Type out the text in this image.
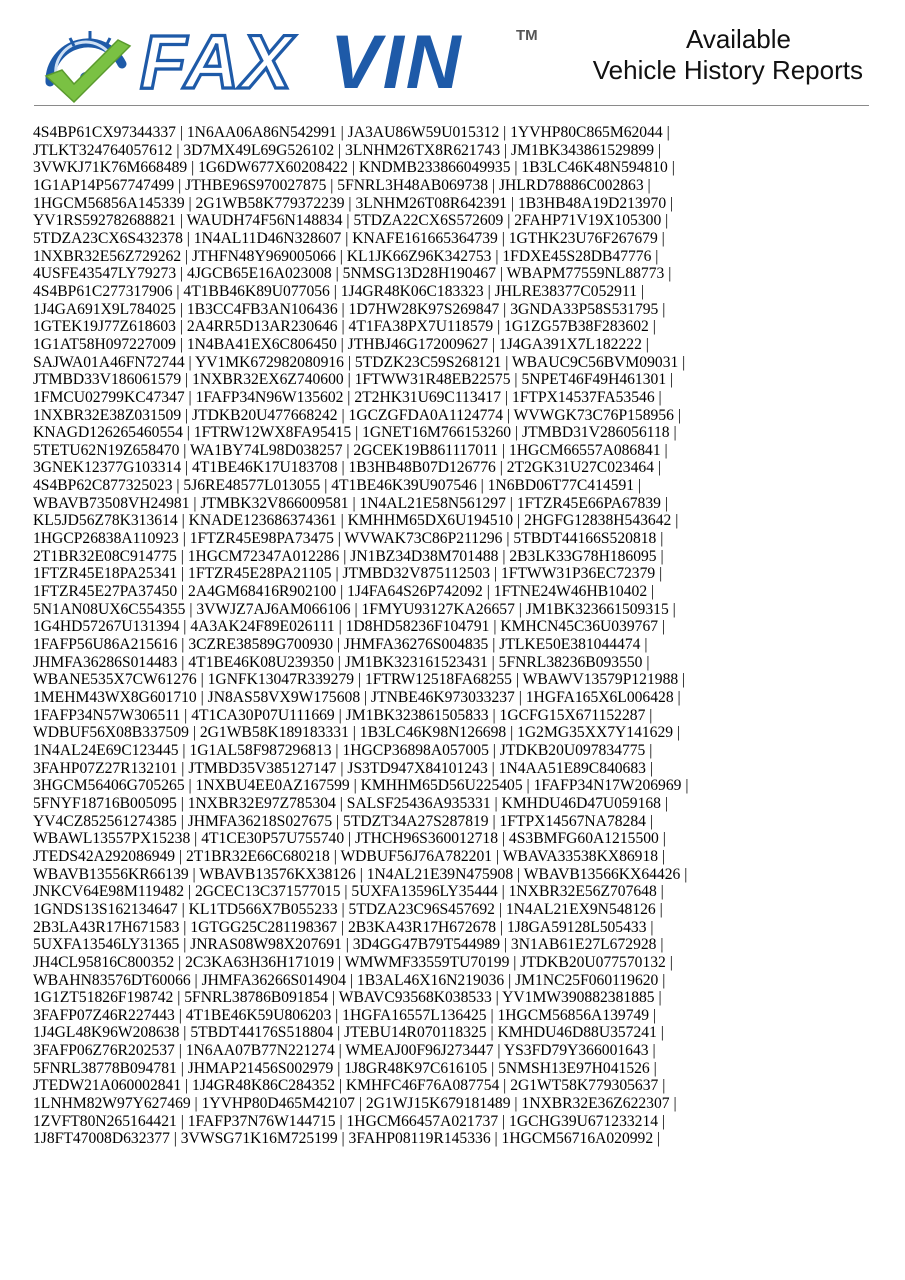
FAX VIN	TM	Available
Vehicle History Reports
4S4BP61CX97344337 | 1N6AA06A86N542991 | JA3AU86W59U015312 | 1YVHP80C865M62044 |
JTLKT324764057612 | 3D7MX49L69G526102 | 3LNHM26TX8R621743 | JM1BK343861529899 |
3VWKJ71K76M668489 | 1G6DW677X60208422 | KNDMB233866049935 | 1B3LC46K48N594810 |
1G1AP14P567747499 | JTHBE96S970027875 | 5FNRL3H48AB069738 | JHLRD78886C002863 |
1HGCM56856A145339 | 2G1WB58K779372239 | 3LNHM26T08R642391 | 1B3HB48A19D213970 |
YV1RS592782688821 | WAUDH74F56N148834 | 5TDZA22CX6S572609 | 2FAHP71V19X105300 |
5TDZA23CX6S432378 | 1N4AL11D46N328607 | KNAFE161665364739 | 1GTHK23U76F267679 |
1NXBR32E56Z729262 | JTHFN48Y969005066 | KL1JK66Z96K342753 | 1FDXE45S28DB47776 |
4USFE43547LY79273 | 4JGCB65E16A023008 | 5NMSG13D28H190467 | WBAPM77559NL88773 |
4S4BP61C277317906 | 4T1BB46K89U077056 | 1J4GR48K06C183323 | JHLRE38377C052911 |
1J4GA691X9L784025 | 1B3CC4FB3AN106436 | 1D7HW28K97S269847 | 3GNDA33P58S531795 |
1GTEK19J77Z618603 | 2A4RR5D13AR230646 | 4T1FA38PX7U118579 | 1G1ZG57B38F283602 |
1G1AT58H097227009 | 1N4BA41EX6C806450 | JTHBJ46G172009627 | 1J4GA391X7L182222 |
SAJWA01A46FN72744 | YV1MK672982080916 | 5TDZK23C59S268121 | WBAUC9C56BVM09031 |
JTMBD33V186061579 | 1NXBR32EX6Z740600 | 1FTWW31R48EB22575 | 5NPET46F49H461301 |
1FMCU02799KC47347 | 1FAFP34N96W135602 | 2T2HK31U69C113417 | 1FTPX14537FA53546 |
1NXBR32E38Z031509 | JTDKB20U477668242 | 1GCZGFDA0A1124774 | WVWGK73C76P158956 |
KNAGD126265460554 | 1FTRW12WX8FA95415 | 1GNET16M766153260 | JTMBD31V286056118 |
5TETU62N19Z658470 | WA1BY74L98D038257 | 2GCEK19B861117011 | 1HGCM66557A086841 |
3GNEK12377G103314 | 4T1BE46K17U183708 | 1B3HB48B07D126776 | 2T2GK31U27C023464 |
4S4BP62C877325023 | 5J6RE48577L013055 | 4T1BE46K39U907546 | 1N6BD06T77C414591 |
WBAVB73508VH24981 | JTMBK32V866009581 | 1N4AL21E58N561297 | 1FTZR45E66PA67839 |
KL5JD56Z78K313614 | KNADE123686374361 | KMHHM65DX6U194510 | 2HGFG12838H543642 |
1HGCP26838A110923 | 1FTZR45E98PA73475 | WVWAK73C86P211296 | 5TBDT44166S520818 |
2T1BR32E08C914775 | 1HGCM72347A012286 | JN1BZ34D38M701488 | 2B3LK33G78H186095 |
1FTZR45E18PA25341 | 1FTZR45E28PA21105 | JTMBD32V875112503 | 1FTWW31P36EC72379 |
1FTZR45E27PA37450 | 2A4GM68416R902100 | 1J4FA64S26P742092 | 1FTNE24W46HB10402 |
5N1AN08UX6C554355 | 3VWJZ7AJ6AM066106 | 1FMYU93127KA26657 | JM1BK323661509315 |
1G4HD57267U131394 | 4A3AK24F89E026111 | 1D8HD58236F104791 | KMHCN45C36U039767 |
1FAFP56U86A215616 | 3CZRE38589G700930 | JHMFA36276S004835 | JTLKE50E381044474 |
JHMFA36286S014483 | 4T1BE46K08U239350 | JM1BK323161523431 | 5FNRL38236B093550 |
WBANE535X7CW61276 | 1GNFK13047R339279 | 1FTRW12518FA68255 | WBAWV13579P121988 |
1MEHM43WX8G601710 | JN8AS58VX9W175608 | JTNBE46K973033237 | 1HGFA165X6L006428 |
1FAFP34N57W306511 | 4T1CA30P07U111669 | JM1BK323861505833 | 1GCFG15X671152287 |
WDBUF56X08B337509 | 2G1WB58K189183331 | 1B3LC46K98N126698 | 1G2MG35XX7Y141629 |
1N4AL24E69C123445 | 1G1AL58F987296813 | 1HGCP36898A057005 | JTDKB20U097834775 |
3FAHP07Z27R132101 | JTMBD35V385127147 | JS3TD947X84101243 | 1N4AA51E89C840683 |
3HGCM56406G705265 | 1NXBU4EE0AZ167599 | KMHHM65D56U225405 | 1FAFP34N17W206969 |
5FNYF18716B005095 | 1NXBR32E97Z785304 | SALSF25436A935331 | KMHDU46D47U059168 |
YV4CZ852561274385 | JHMFA36218S027675 | 5TDZT34A27S287819 | 1FTPX14567NA78284 |
WBAWL13557PX15238 | 4T1CE30P57U755740 | JTHCH96S360012718 | 4S3BMFG60A1215500 |
JTEDS42A292086949 | 2T1BR32E66C680218 | WDBUF56J76A782201 | WBAVA33538KX86918 |
WBAVB13556KR66139 | WBAVB13576KX38126 | 1N4AL21E39N475908 | WBAVB13566KX64426 |
JNKCV64E98M119482 | 2GCEC13C371577015 | 5UXFA13596LY35444 | 1NXBR32E56Z707648 |
1GNDS13S162134647 | KL1TD566X7B055233 | 5TDZA23C96S457692 | 1N4AL21EX9N548126 |
2B3LA43R17H671583 | 1GTGG25C281198367 | 2B3KA43R17H672678 | 1J8GA59128L505433 |
5UXFA13546LY31365 | JNRAS08W98X207691 | 3D4GG47B79T544989 | 3N1AB61E27L672928 |
JH4CL95816C800352 | 2C3KA63H36H171019 | WMWMF33559TU70199 | JTDKB20U077570132 |
WBAHN83576DT60066 | JHMFA36266S014904 | 1B3AL46X16N219036 | JM1NC25F060119620 |
1G1ZT51826F198742 | 5FNRL38786B091854 | WBAVC93568K038533 | YV1MW390882381885 |
3FAFP07Z46R227443 | 4T1BE46K59U806203 | 1HGFA16557L136425 | 1HGCM56856A139749 |
1J4GL48K96W208638 | 5TBDT44176S518804 | JTEBU14R070118325 | KMHDU46D88U357241 |
3FAFP06Z76R202537 | 1N6AA07B77N221274 | WMEAJ00F96J273447 | YS3FD79Y366001643 |
5FNRL38778B094781 | JHMAP21456S002979 | 1J8GR48K97C616105 | 5NMSH13E97H041526 |
JTEDW21A060002841 | 1J4GR48K86C284352 | KMHFC46F76A087754 | 2G1WT58K779305637 |
1LNHM82W97Y627469 | 1YVHP80D465M42107 | 2G1WJ15K679181489 | 1NXBR32E36Z622307 |
1ZVFT80N265164421 | 1FAFP37N76W144715 | 1HGCM66457A021737 | 1GCHG39U671233214 |
1J8FT47008D632377 | 3VWSG71K16M725199 | 3FAHP08119R145336 | 1HGCM56716A020992 |
